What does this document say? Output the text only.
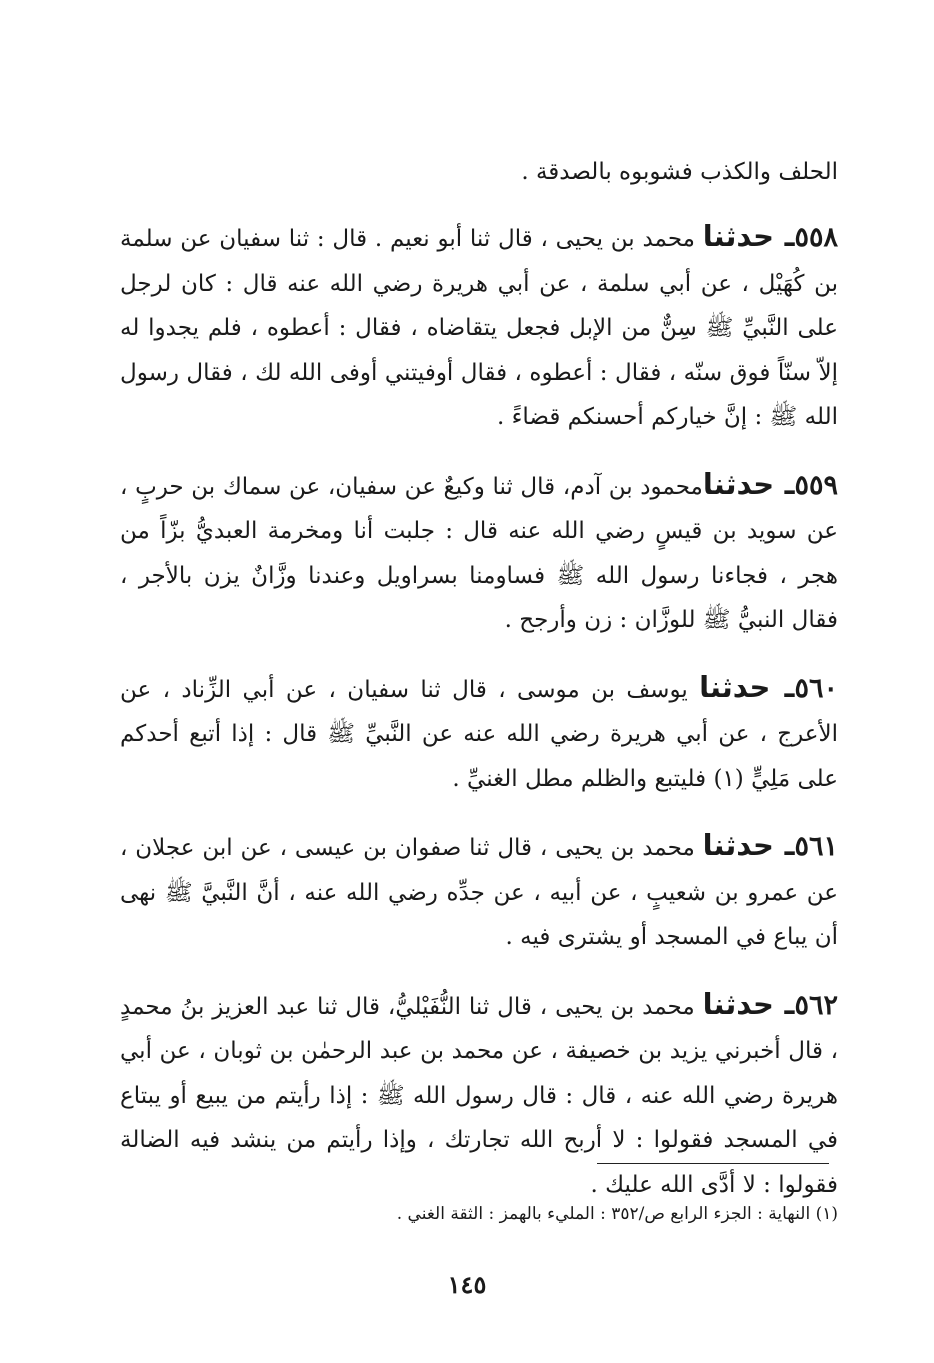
الحلف والكذب فشوبوه بالصدقة .

٥٥٨ـ حدثنا محمد بن يحيى ، قال ثنا أبو نعيم . قال : ثنا سفيان عن سلمة بن كُهَيْل ، عن أبي سلمة ، عن أبي هريرة رضي الله عنه قال : كان لرجل على النَّبيِّ ﷺ سِنٌّ من الإبل فجعل يتقاضاه ، فقال : أعطوه ، فلم يجدوا له إلاّ سنّاً فوق سنّه ، فقال : أعطوه ، فقال أوفيتني أوفى الله لك ، فقال رسول الله ﷺ : إنَّ خياركم أحسنكم قضاءً .

٥٥٩ـ حدثنامحمود بن آدم، قال ثنا وكيعٌ عن سفيان، عن سماك بن حربٍ ، عن سويد بن قيسٍ رضي الله عنه قال : جلبت أنا ومخرمة العبديُّ بزّاً من هجر ، فجاءنا رسول الله ﷺ فساومنا بسراويل وعندنا وزَّانٌ يزن بالأجر ، فقال النبيُّ ﷺ للوزَّان : زن وأرجح .

٥٦٠ـ حدثنا يوسف بن موسى ، قال ثنا سفيان ، عن أبي الزِّناد ، عن الأعرج ، عن أبي هريرة رضي الله عنه عن النَّبيِّ ﷺ قال : إذا أتبع أحدكم على مَلِيٍّ (١) فليتبع والظلم مطل الغنيِّ .

٥٦١ـ حدثنا محمد بن يحيى ، قال ثنا صفوان بن عيسى ، عن ابن عجلان ، عن عمرو بن شعيبٍ ، عن أبيه ، عن جدِّه رضي الله عنه ، أنَّ النَّبيَّ ﷺ نهى أن يباع في المسجد أو يشترى فيه .

٥٦٢ـ حدثنا محمد بن يحيى ، قال ثنا النُّفَيْليُّ، قال ثنا عبد العزيز بنُ محمدٍ ، قال أخبرني يزيد بن خصيفة ، عن محمد بن عبد الرحمٰن بن ثوبان ، عن أبي هريرة رضي الله عنه ، قال : قال رسول الله ﷺ : إذا رأيتم من يبيع أو يبتاع في المسجد فقولوا : لا أربح الله تجارتك ، وإذا رأيتم من ينشد فيه الضالة فقولوا : لا أدَّى الله عليك .

(١) النهاية : الجزء الرابع ص/٣٥٢ : المليء بالهمز : الثقة الغني .
١٤٥
